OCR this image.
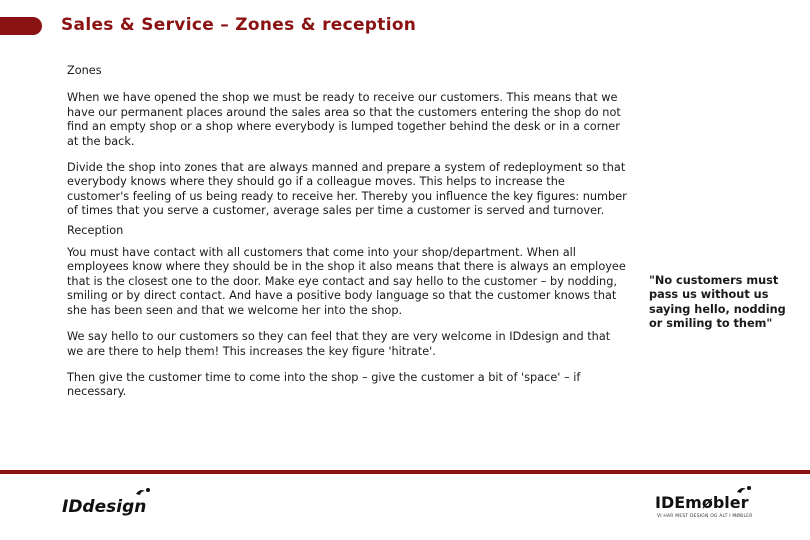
Sales & Service – Zones & reception
Zones

When we have opened the shop we must be ready to receive our customers. This means that we have our permanent places around the sales area so that the customers entering the shop do not find an empty shop or a shop where everybody is lumped together behind the desk or in a corner at the back.

Divide the shop into zones that are always manned and prepare a system of redeployment so that everybody knows where they should go if a colleague moves. This helps to increase the customer's feeling of us being ready to receive her. Thereby you influence the key figures: number of times that you serve a customer, average sales per time a customer is served and turnover.

Reception

You must have contact with all customers that come into your shop/department. When all employees know where they should be in the shop it also means that there is always an employee that is the closest one to the door. Make eye contact and say hello to the customer – by nodding, smiling or by direct contact. And have a positive body language so that the customer knows that she has been seen and that we welcome her into the shop.

We say hello to our customers so they can feel that they are very welcome in IDdesign and that we are there to help them! This increases the key figure 'hitrate'.

Then give the customer time to come into the shop – give the customer a bit of 'space' – if necessary.

"No customers must pass us without us saying hello, nodding or smiling to them"
IDdesign	IDEmøbler
VI HAR MEST DESIGN OG ALT I MØBLER
